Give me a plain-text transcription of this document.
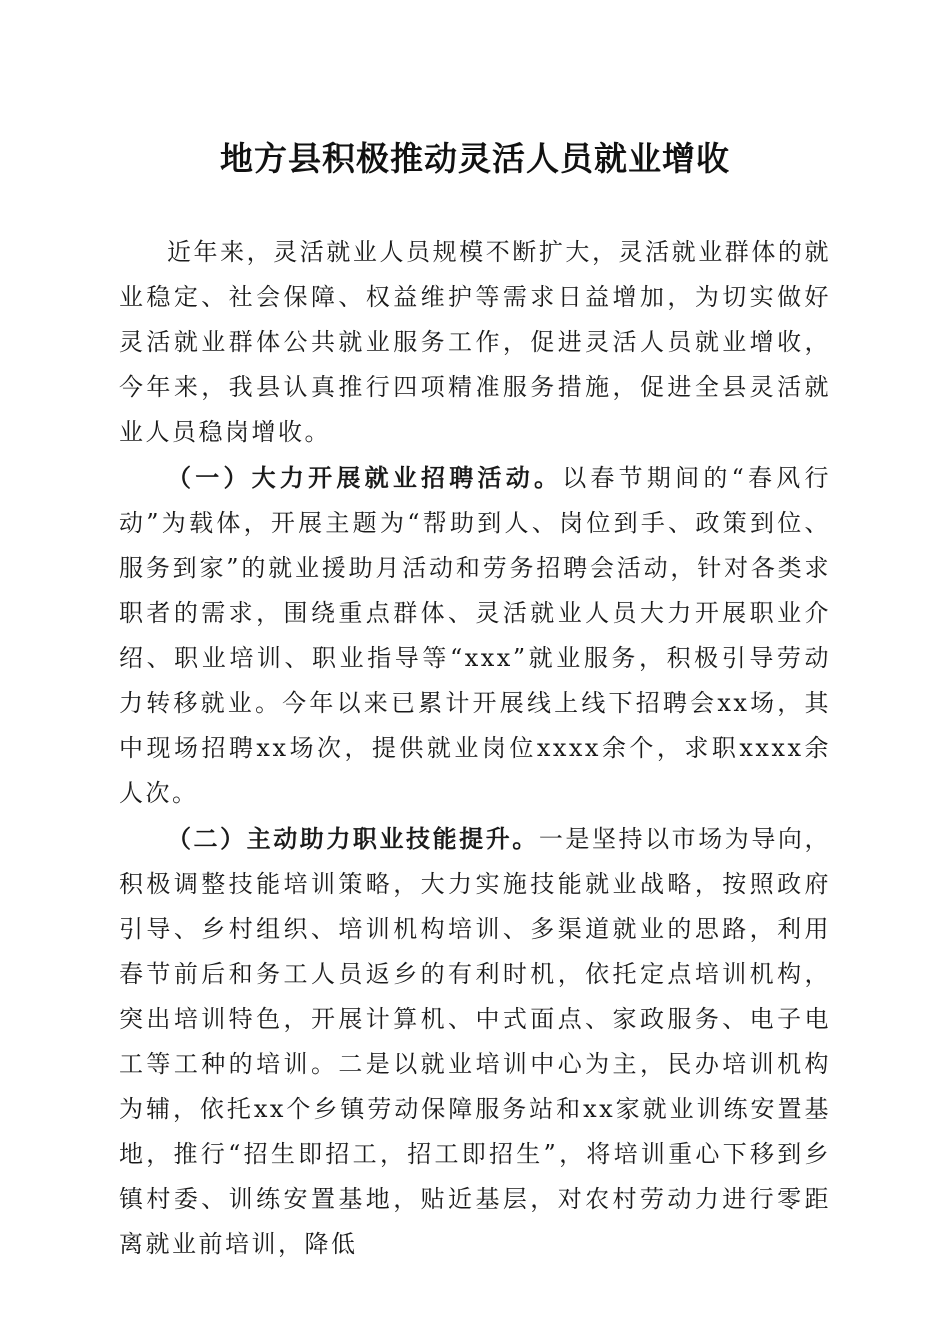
地方县积极推动灵活人员就业增收

近年来，灵活就业人员规模不断扩大，灵活就业群体的就业稳定、社会保障、权益维护等需求日益增加，为切实做好灵活就业群体公共就业服务工作，促进灵活人员就业增收，今年来，我县认真推行四项精准服务措施，促进全县灵活就业人员稳岗增收。

（一）大力开展就业招聘活动。以春节期间的“春风行动”为载体，开展主题为“帮助到人、岗位到手、政策到位、服务到家”的就业援助月活动和劳务招聘会活动，针对各类求职者的需求，围绕重点群体、灵活就业人员大力开展职业介绍、职业培训、职业指导等“xxx”就业服务，积极引导劳动力转移就业。今年以来已累计开展线上线下招聘会xx场，其中现场招聘xx场次，提供就业岗位xxxx余个，求职xxxx余人次。

（二）主动助力职业技能提升。一是坚持以市场为导向，积极调整技能培训策略，大力实施技能就业战略，按照政府引导、乡村组织、培训机构培训、多渠道就业的思路，利用春节前后和务工人员返乡的有利时机，依托定点培训机构，突出培训特色，开展计算机、中式面点、家政服务、电子电工等工种的培训。二是以就业培训中心为主，民办培训机构为辅，依托xx个乡镇劳动保障服务站和xx家就业训练安置基地，推行“招生即招工，招工即招生”，将培训重心下移到乡镇村委、训练安置基地，贴近基层，对农村劳动力进行零距离就业前培训，降低
